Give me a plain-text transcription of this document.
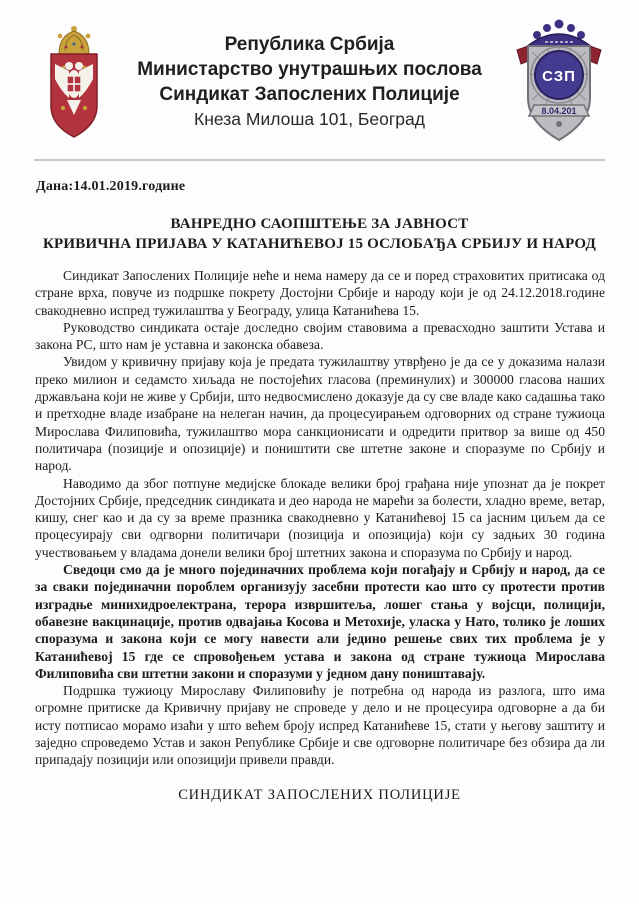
Република Србија
Министарство унутрашњих послова
Синдикат Запослених Полиције
Кнеза Милоша 101, Београд
СЗП
8.04.201
Дана:14.01.2019.године
ВАНРЕДНО САОПШТЕЊЕ ЗА ЈАВНОСТ
КРИВИЧНА ПРИЈАВА У КАТАНИЋЕВОЈ 15 ОСЛОБАЂА СРБИЈУ И НАРОД

Синдикат Запослених Полиције неће и нема намеру да се и поред страховитих притисака од стране врха, повуче из подршке покрету Достојни Србије и народу који је од 24.12.2018.године свакодневно испред тужилаштва у Београду, улица Катанићева 15.

Руководство синдиката остаје доследно својим ставовима а превасходно заштити Устава и закона РС, што нам је уставна и законска обавеза.

Увидом у кривичну пријаву која је предата тужилаштву утврђено је да се у доказима налази преко милион и седамсто хиљада не постојећих гласова (преминулих) и 300000 гласова наших држављана који не живе у Србији, што недвосмислено доказује да су све владе како садашња тако и претходне владе изабране на нелеган начин, да процесуирањем одговорних од стране тужиоца Мирослава Филиповића, тужилаштво мора санкционисати и одредити притвор за више од 450 политичара (позиције и опозиције) и поништити све штетне законе и споразуме по Србију и народ.

Наводимо да због потпуне медијске блокаде велики број грађана није упознат да је покрет Достојних Србије, председник синдиката и део народа не марећи за болести, хладно време, ветар, кишу, снег као и да су за време празника свакодневно у Катанићевој 15 са јасним циљем да се процесуирају сви одгворни политичари (позиција и опозиција) који су задњих 30 година учествовањем у владама донели велики број штетних закона и споразума по Србију и народ.

Сведоци смо да је много појединачних проблема који погађају и Србију и народ, да се за сваки појединачни пороблем организују засебни протести као што су протести против изградње минихидроелектрана, терора извршитеља, лошег стања у војсци, полицији, обавезне вакцинације, против одвајања Косова и Метохије, уласка у Нато, толико је лоших споразума и закона који се могу навести али једино решење свих тих проблема је у Катанићевој 15 где се спровођењем устава и закона од стране тужиоца Мирослава Филиповића сви штетни закони и споразуми у једном дану поништавају.

Подршка тужиоцу Мирославу Филиповићу је потребна од народа из разлога, што има огромне притиске да Кривичну пријаву не спроведе у дело и не процесуира одговорне а да би исту потписао морамо изаћи у што већем броју испред Катанићеве 15, стати у његову заштиту и заједно спроведемо Устав и закон Републике Србије и све одговорне политичаре без обзира да ли припадају позицији или опозицији привели правди.

СИНДИКАТ ЗАПОСЛЕНИХ ПОЛИЦИЈЕ
